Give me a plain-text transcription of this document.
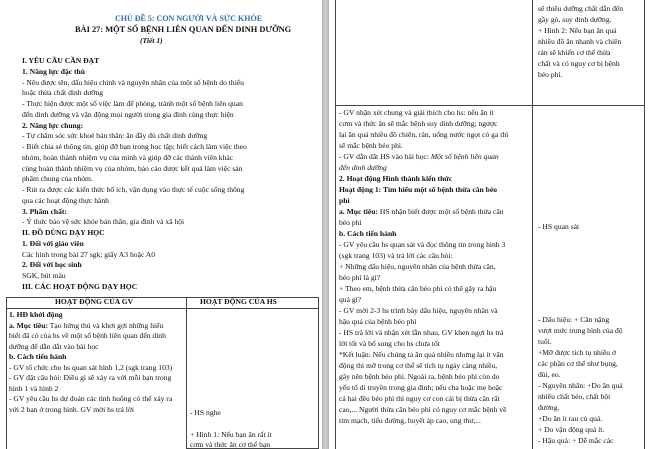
CHỦ ĐỀ 5: CON NGƯỜI VÀ SỨC KHỎE
BÀI 27: MỘT SỐ BỆNH LIÊN QUAN ĐẾN DINH DƯỠNG
(Tiết 1)
I. YÊU CẦU CẦN ĐẠT
1. Năng lực đặc thù
- Nêu được tên, dấu hiệu chính và nguyên nhân của một số bệnh do thiếu
hoặc thừa chất dinh dưỡng
- Thực hiện được một số việc làm để phòng, tránh một số bệnh liên quan
đến dinh dưỡng và vận động mọi người trong gia đình cùng thực hiện
2. Năng lực chung:
- Tự chăm sóc sức khoẻ bản thân: ăn đầy đủ chất dinh dưỡng
- Biết chia sẻ thông tin, giúp đỡ bạn trong học tập; biết cách làm việc theo
nhóm, hoàn thành nhiệm vụ của mình và giúp đỡ các thành viên khác
cùng hoàn thành nhiệm vụ của nhóm, bảo cáo được kết quả làm việc sản
phẩm chung của nhóm.
- Rút ra được các kiến thức bổ ích, vận dụng vào thực tế cuộc sống thông
qua các hoạt động thực hành
3. Phẩm chất:
- Ý thức bảo vệ sức khỏe bản thân, gia đình và xã hội
II. ĐỒ DÙNG DẠY HỌC
1. Đối với giáo viên
Các hình trong bài 27 sgk; giấy A3 hoặc A0
2. Đối với học sinh
SGK, bút màu
III. CÁC HOẠT ĐỘNG DẠY HỌC
HOẠT ĐỘNG CỦA GV	HOẠT ĐỘNG CỦA HS
1. HĐ khởi động
a. Mục tiêu: Tạo hứng thú và khơi gợi những hiểu
biết đã có của hs về một số bệnh liên quan đến dinh
dưỡng để dẫn dắt vào bài học
b. Cách tiến hành
- GV tổ chức cho hs quan sát hình 1,2 (sgk trang 103)
- GV đặt câu hỏi: Điều gì sẽ xảy ra với mỗi bạn trong
hình 1 và hình 2
- GV yêu cầu hs dự đoán các tình huống có thể xảy ra
với 2 bạn ở trong hình. GV mời hs trả lời	- HS nghe
+ Hình 1: Nếu bạn ăn rất ít
cơm và thức ăn cơ thể bạn
- GV nhận xét chung và giải thích cho hs: nếu ăn ít
cơm và thức ăn sẽ mắc bệnh suy dinh dưỡng; ngược
lại ăn quá nhiều đồ chiên, rán, uống nước ngọt có ga thì
sẽ mắc bệnh béo phì.
- GV dẫn dắt HS vào bài học: Một số bệnh liên quan
đến dinh dưỡng
2. Hoạt động Hình thành kiến thức
Hoạt động 1: Tìm hiểu một số bệnh thừa cân béo
phì
a. Mục tiêu: HS nhận biết được một số bệnh thừa cân
béo phì
b. Cách tiến hành
- GV yêu cầu hs quan sát và đọc thông tin trong hình 3
(sgk trang 103) và trả lời các câu hỏi:
+ Những dấu hiệu, nguyên nhân của bệnh thừa cân,
béo phì là gì?
+ Theo em, bệnh thừa cân béo phì có thể gây ra hậu
quả gì?
- GV mời 2-3 hs trình bày dấu hiệu, nguyên nhân và
hậu quả của bệnh béo phì
- HS trả lời và nhận xét lẫn nhau, GV khen ngợi hs trả
lời tốt và bổ sung cho hs chưa tốt
*Kết luận: Nếu chúng ta ăn quá nhiều nhưng lại ít vận
động thì mỡ trong cơ thể sẽ tích tụ ngày càng nhiều,
gây nên bệnh béo phì. Ngoài ra, bệnh béo phì còn do
yếu tố di truyền trong gia đình; nếu cha hoặc mẹ hoặc
cả hai đều béo phì thì nguy cơ con cái bị thừa cân rất
cao,... Người thừa cân béo phì có nguy cơ mắc bệnh về
tim mạch, tiểu đường, huyết áp cao, ung thư,...
sẽ thiếu dưỡng chất dẫn đến
gầy gò, suy dinh dưỡng.
+ Hình 2: Nếu bạn ăn quá
nhiều đồ ăn nhanh và chiên
rán sẽ khiến cơ thể thừa
chất và có nguy cơ bị bệnh
béo phì.
- HS quan sát
- Dấu hiệu: + Cân nặng
vượt mức trung bình của độ
tuổi.
+Mỡ được tích tụ nhiều ở
các phần cơ thể như bụng,
đùi, eo.
- Nguyên nhân: +Do ăn quá
nhiều chất béo, chất bột
đường.
+Do ăn ít rau củ quả.
+ Do vận động quá ít.
- Hậu quả: + Dễ mắc các
